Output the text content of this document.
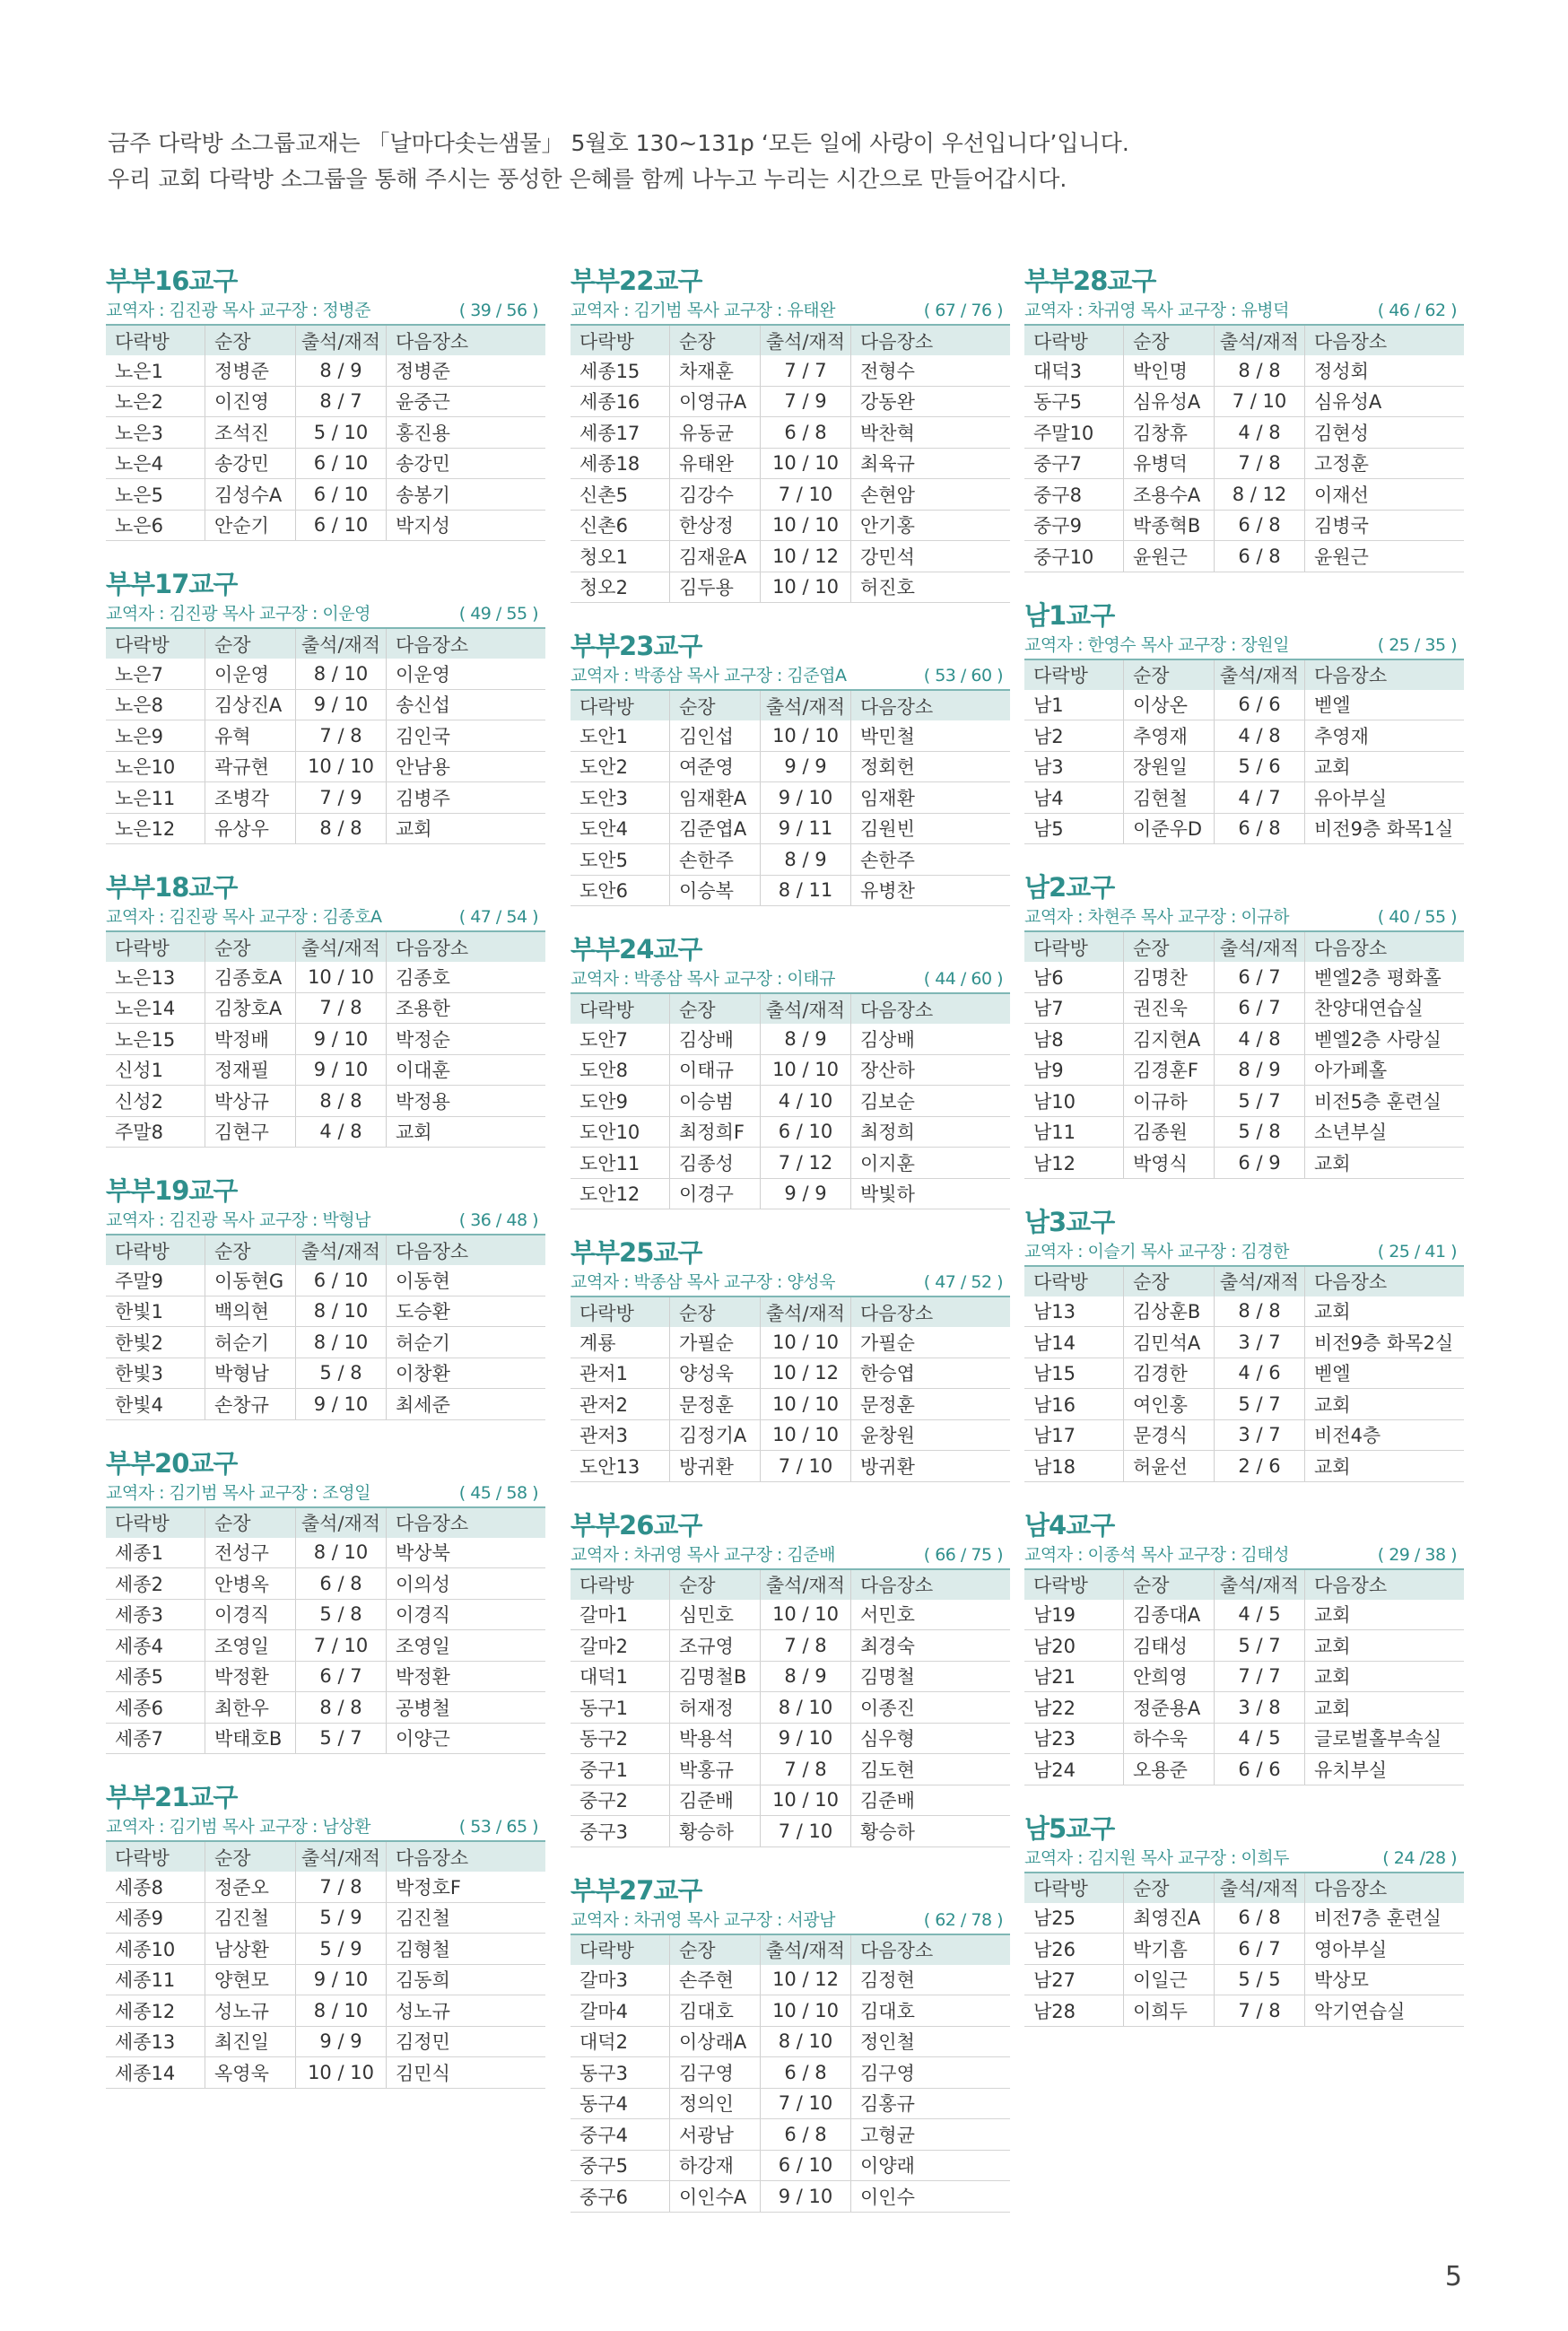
금주 다락방 소그룹교재는 「날마다솟는샘물」 5월호 130~131p ‘모든 일에 사랑이 우선입니다’입니다.
우리 교회 다락방 소그룹을 통해 주시는 풍성한 은혜를 함께 나누고 누리는 시간으로 만들어갑시다.
부부16교구
교역자 : 김진광 목사 교구장 : 정병준	( 39 / 56 )
다락방	순장	출석/재적	다음장소
노은1	정병준	8 / 9	정병준
노은2	이진영	8 / 7	윤중근
노은3	조석진	5 / 10	홍진용
노은4	송강민	6 / 10	송강민
노은5	김성수A	6 / 10	송봉기
노은6	안순기	6 / 10	박지성
부부17교구
교역자 : 김진광 목사 교구장 : 이운영	( 49 / 55 )
다락방	순장	출석/재적	다음장소
노은7	이운영	8 / 10	이운영
노은8	김상진A	9 / 10	송신섭
노은9	유혁	7 / 8	김인국
노은10	곽규현	10 / 10	안남용
노은11	조병각	7 / 9	김병주
노은12	유상우	8 / 8	교회
부부18교구
교역자 : 김진광 목사 교구장 : 김종호A	( 47 / 54 )
다락방	순장	출석/재적	다음장소
노은13	김종호A	10 / 10	김종호
노은14	김창호A	7 / 8	조용한
노은15	박정배	9 / 10	박정순
신성1	정재필	9 / 10	이대훈
신성2	박상규	8 / 8	박정용
주말8	김현구	4 / 8	교회
부부19교구
교역자 : 김진광 목사 교구장 : 박형남	( 36 / 48 )
다락방	순장	출석/재적	다음장소
주말9	이동현G	6 / 10	이동현
한빛1	백의현	8 / 10	도승환
한빛2	허순기	8 / 10	허순기
한빛3	박형남	5 / 8	이창환
한빛4	손창규	9 / 10	최세준
부부20교구
교역자 : 김기범 목사 교구장 : 조영일	( 45 / 58 )
다락방	순장	출석/재적	다음장소
세종1	전성구	8 / 10	박상북
세종2	안병옥	6 / 8	이의성
세종3	이경직	5 / 8	이경직
세종4	조영일	7 / 10	조영일
세종5	박정환	6 / 7	박정환
세종6	최한우	8 / 8	공병철
세종7	박태호B	5 / 7	이양근
부부21교구
교역자 : 김기범 목사 교구장 : 남상환	( 53 / 65 )
다락방	순장	출석/재적	다음장소
세종8	정준오	7 / 8	박정호F
세종9	김진철	5 / 9	김진철
세종10	남상환	5 / 9	김형철
세종11	양현모	9 / 10	김동희
세종12	성노규	8 / 10	성노규
세종13	최진일	9 / 9	김정민
세종14	옥영욱	10 / 10	김민식
부부22교구
교역자 : 김기범 목사 교구장 : 유태완	( 67 / 76 )
다락방	순장	출석/재적	다음장소
세종15	차재훈	7 / 7	전형수
세종16	이영규A	7 / 9	강동완
세종17	유동균	6 / 8	박찬혁
세종18	유태완	10 / 10	최육규
신촌5	김강수	7 / 10	손현암
신촌6	한상정	10 / 10	안기홍
청오1	김재윤A	10 / 12	강민석
청오2	김두용	10 / 10	허진호
부부23교구
교역자 : 박종삼 목사 교구장 : 김준엽A	( 53 / 60 )
다락방	순장	출석/재적	다음장소
도안1	김인섭	10 / 10	박민철
도안2	여준영	9 / 9	정회헌
도안3	임재환A	9 / 10	임재환
도안4	김준엽A	9 / 11	김원빈
도안5	손한주	8 / 9	손한주
도안6	이승복	8 / 11	유병찬
부부24교구
교역자 : 박종삼 목사 교구장 : 이태규	( 44 / 60 )
다락방	순장	출석/재적	다음장소
도안7	김상배	8 / 9	김상배
도안8	이태규	10 / 10	장산하
도안9	이승범	4 / 10	김보순
도안10	최정희F	6 / 10	최정희
도안11	김종성	7 / 12	이지훈
도안12	이경구	9 / 9	박빛하
부부25교구
교역자 : 박종삼 목사 교구장 : 양성욱	( 47 / 52 )
다락방	순장	출석/재적	다음장소
계룡	가필순	10 / 10	가필순
관저1	양성욱	10 / 12	한승엽
관저2	문정훈	10 / 10	문정훈
관저3	김정기A	10 / 10	윤창원
도안13	방귀환	7 / 10	방귀환
부부26교구
교역자 : 차귀영 목사 교구장 : 김준배	( 66 / 75 )
다락방	순장	출석/재적	다음장소
갈마1	심민호	10 / 10	서민호
갈마2	조규영	7 / 8	최경숙
대덕1	김명철B	8 / 9	김명철
동구1	허재정	8 / 10	이종진
동구2	박용석	9 / 10	심우형
중구1	박홍규	7 / 8	김도현
중구2	김준배	10 / 10	김준배
중구3	황승하	7 / 10	황승하
부부27교구
교역자 : 차귀영 목사 교구장 : 서광남	( 62 / 78 )
다락방	순장	출석/재적	다음장소
갈마3	손주현	10 / 12	김정현
갈마4	김대호	10 / 10	김대호
대덕2	이상래A	8 / 10	정인철
동구3	김구영	6 / 8	김구영
동구4	정의인	7 / 10	김홍규
중구4	서광남	6 / 8	고형균
중구5	하강재	6 / 10	이양래
중구6	이인수A	9 / 10	이인수
부부28교구
교역자 : 차귀영 목사 교구장 : 유병덕	( 46 / 62 )
다락방	순장	출석/재적	다음장소
대덕3	박인명	8 / 8	정성회
동구5	심유성A	7 / 10	심유성A
주말10	김창휴	4 / 8	김현성
중구7	유병덕	7 / 8	고정훈
중구8	조용수A	8 / 12	이재선
중구9	박종혁B	6 / 8	김병국
중구10	윤원근	6 / 8	윤원근
남1교구
교역자 : 한영수 목사 교구장 : 장원일	( 25 / 35 )
다락방	순장	출석/재적	다음장소
남1	이상온	6 / 6	벧엘
남2	추영재	4 / 8	추영재
남3	장원일	5 / 6	교회
남4	김현철	4 / 7	유아부실
남5	이준우D	6 / 8	비전9층 화목1실
남2교구
교역자 : 차현주 목사 교구장 : 이규하	( 40 / 55 )
다락방	순장	출석/재적	다음장소
남6	김명찬	6 / 7	벧엘2층 평화홀
남7	권진욱	6 / 7	찬양대연습실
남8	김지현A	4 / 8	벧엘2층 사랑실
남9	김경훈F	8 / 9	아가페홀
남10	이규하	5 / 7	비전5층 훈련실
남11	김종원	5 / 8	소년부실
남12	박영식	6 / 9	교회
남3교구
교역자 : 이슬기 목사 교구장 : 김경한	( 25 / 41 )
다락방	순장	출석/재적	다음장소
남13	김상훈B	8 / 8	교회
남14	김민석A	3 / 7	비전9층 화목2실
남15	김경한	4 / 6	벧엘
남16	여인홍	5 / 7	교회
남17	문경식	3 / 7	비전4층
남18	허윤선	2 / 6	교회
남4교구
교역자 : 이종석 목사 교구장 : 김태성	( 29 / 38 )
다락방	순장	출석/재적	다음장소
남19	김종대A	4 / 5	교회
남20	김태성	5 / 7	교회
남21	안희영	7 / 7	교회
남22	정준용A	3 / 8	교회
남23	하수욱	4 / 5	글로벌홀부속실
남24	오용준	6 / 6	유치부실
남5교구
교역자 : 김지원 목사 교구장 : 이희두	( 24 /28 )
다락방	순장	출석/재적	다음장소
남25	최영진A	6 / 8	비전7층 훈련실
남26	박기흠	6 / 7	영아부실
남27	이일근	5 / 5	박상모
남28	이희두	7 / 8	악기연습실
5
